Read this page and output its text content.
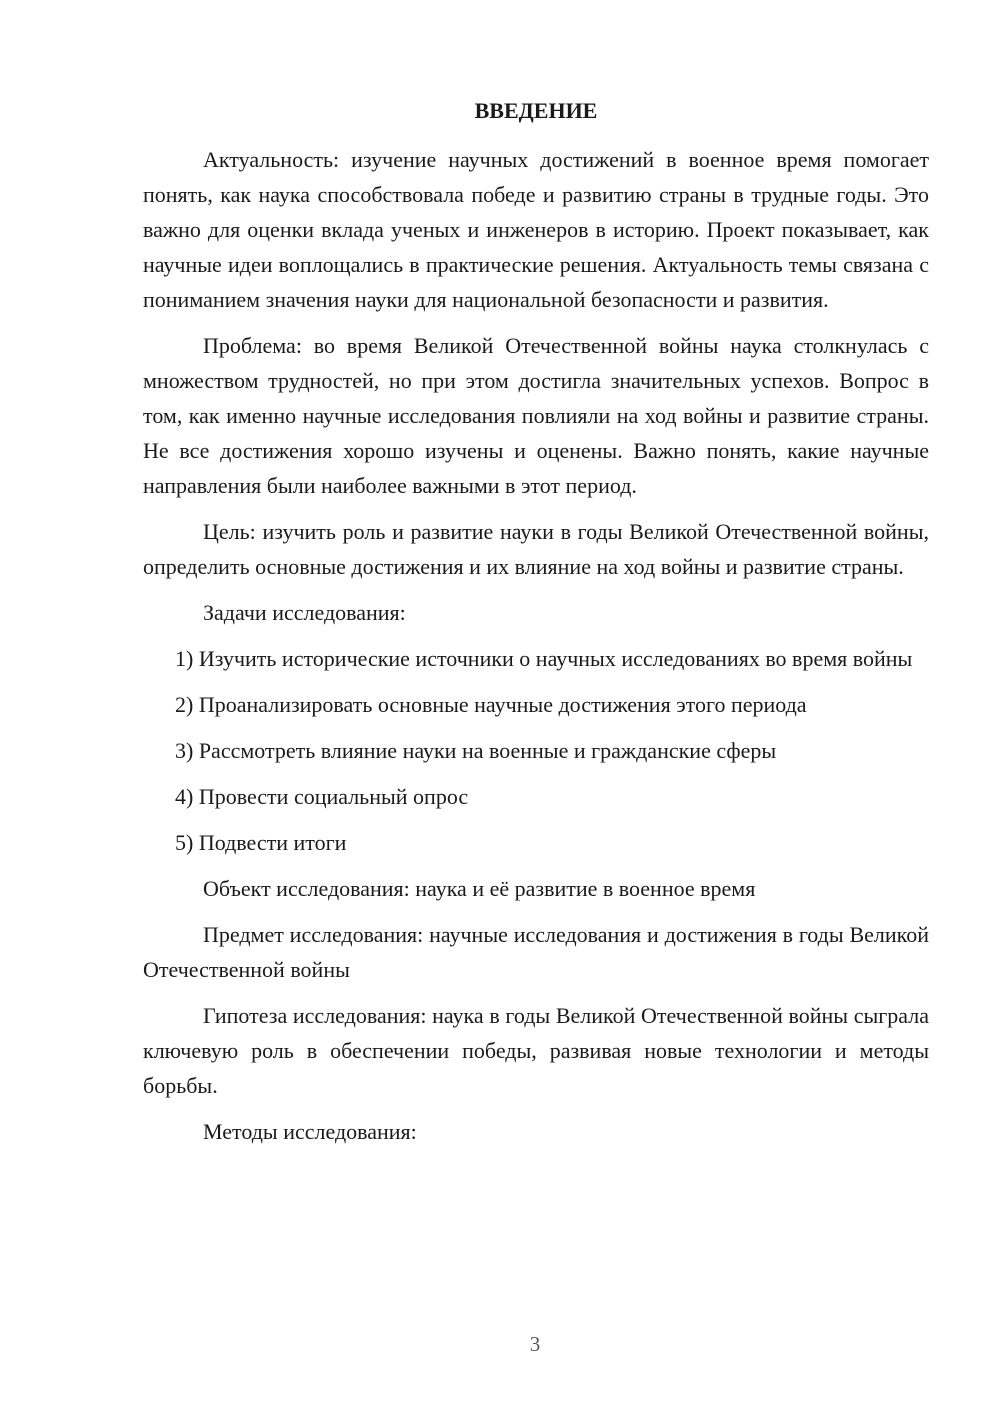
ВВЕДЕНИЕ

Актуальность: изучение научных достижений в военное время помогает понять, как наука способствовала победе и развитию страны в трудные годы. Это важно для оценки вклада ученых и инженеров в историю. Проект показывает, как научные идеи воплощались в практические решения. Актуальность темы связана с пониманием значения науки для национальной безопасности и развития.

Проблема: во время Великой Отечественной войны наука столкнулась с множеством трудностей, но при этом достигла значительных успехов. Вопрос в том, как именно научные исследования повлияли на ход войны и развитие страны. Не все достижения хорошо изучены и оценены. Важно понять, какие научные направления были наиболее важными в этот период.

Цель: изучить роль и развитие науки в годы Великой Отечественной войны, определить основные достижения и их влияние на ход войны и развитие страны.

Задачи исследования:

1) Изучить исторические источники о научных исследованиях во время войны

2) Проанализировать основные научные достижения этого периода

3) Рассмотреть влияние науки на военные и гражданские сферы

4) Провести социальный опрос

5) Подвести итоги

Объект исследования: наука и её развитие в военное время

Предмет исследования: научные исследования и достижения в годы Великой Отечественной войны

Гипотеза исследования: наука в годы Великой Отечественной войны сыграла ключевую роль в обеспечении победы, развивая новые технологии и методы борьбы.

Методы исследования:

3
